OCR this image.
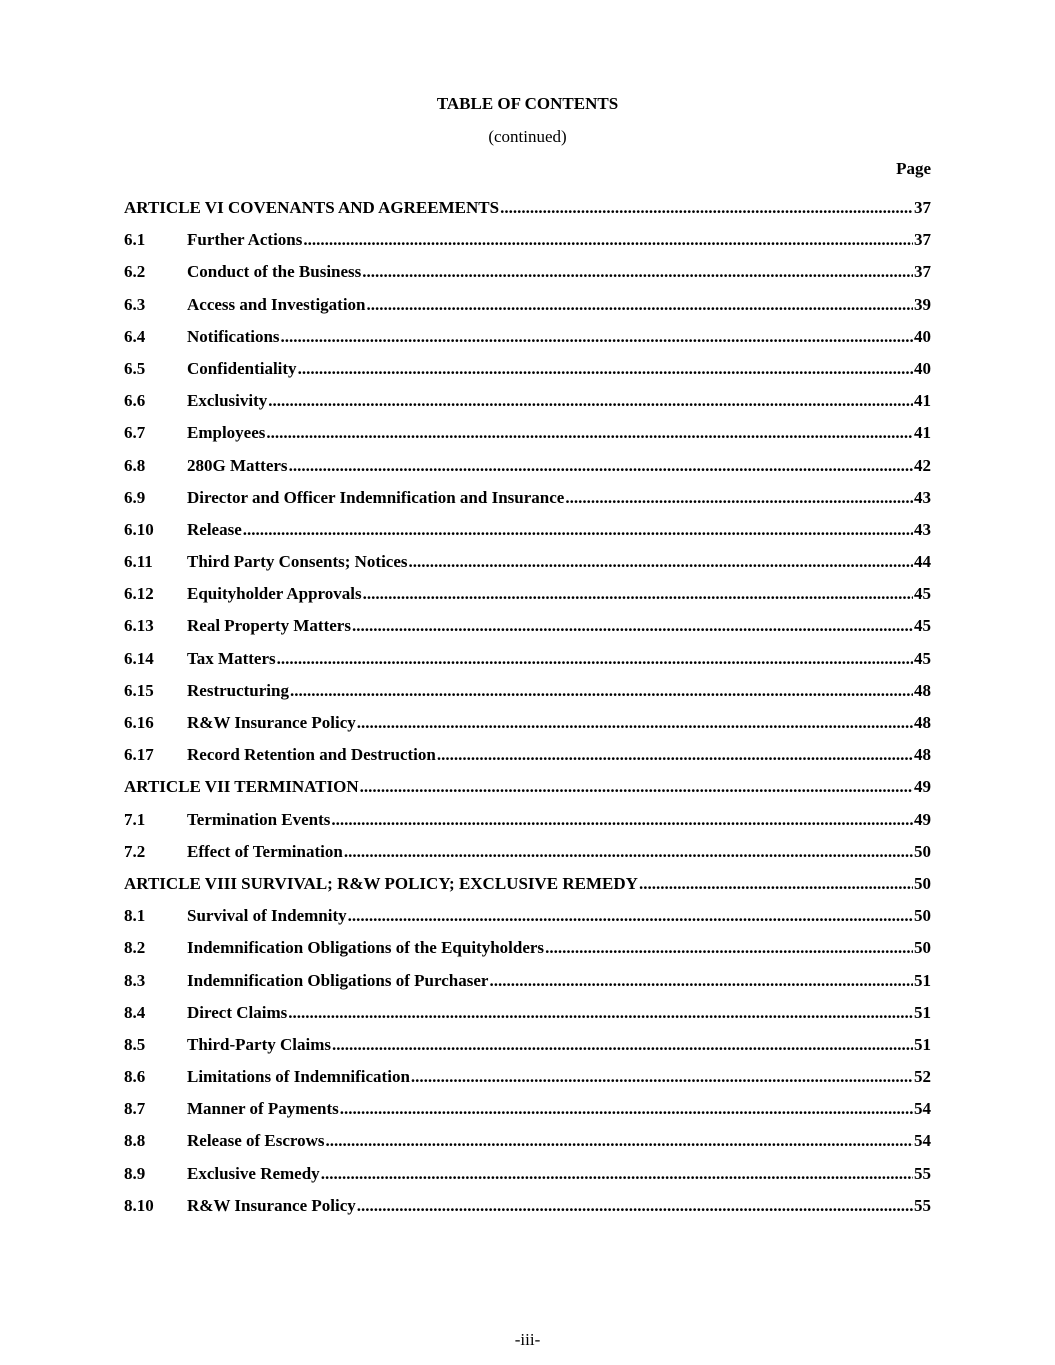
TABLE OF CONTENTS
(continued)
Page
ARTICLE VI COVENANTS AND AGREEMENTS .....	37
6.1	Further Actions .....	37
6.2	Conduct of the Business .....	37
6.3	Access and Investigation .....	39
6.4	Notifications .....	40
6.5	Confidentiality .....	40
6.6	Exclusivity .....	41
6.7	Employees .....	41
6.8	280G Matters .....	42
6.9	Director and Officer Indemnification and Insurance .....	43
6.10	Release .....	43
6.11	Third Party Consents; Notices .....	44
6.12	Equityholder Approvals .....	45
6.13	Real Property Matters .....	45
6.14	Tax Matters .....	45
6.15	Restructuring .....	48
6.16	R&W Insurance Policy .....	48
6.17	Record Retention and Destruction .....	48
ARTICLE VII TERMINATION .....	49
7.1	Termination Events .....	49
7.2	Effect of Termination .....	50
ARTICLE VIII SURVIVAL; R&W POLICY; EXCLUSIVE REMEDY .....	50
8.1	Survival of Indemnity .....	50
8.2	Indemnification Obligations of the Equityholders .....	50
8.3	Indemnification Obligations of Purchaser .....	51
8.4	Direct Claims .....	51
8.5	Third-Party Claims .....	51
8.6	Limitations of Indemnification .....	52
8.7	Manner of Payments .....	54
8.8	Release of Escrows .....	54
8.9	Exclusive Remedy .....	55
8.10	R&W Insurance Policy .....	55
-iii-
